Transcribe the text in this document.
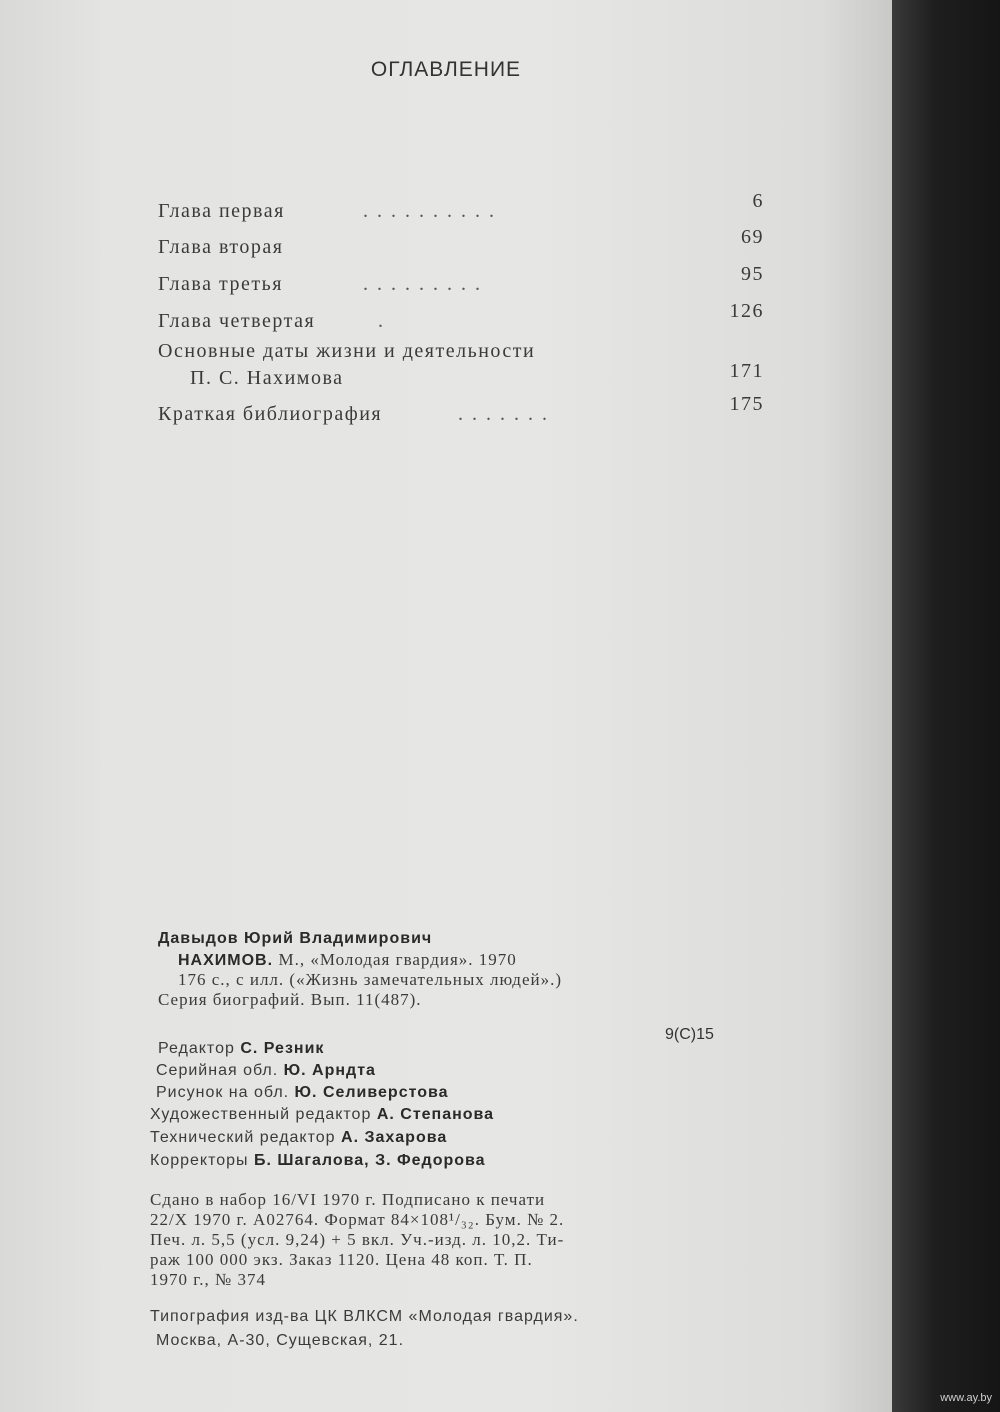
ОГЛАВЛЕНИЕ
Глава первая	..........	6
Глава вторая	69
Глава третья	.........	95
Глава четвертая	.	126
Основные даты жизни и деятельности
П. С. Нахимова	171
Краткая библиография	.......	175
Давыдов Юрий Владимирович
НАХИМОВ. М., «Молодая гвардия». 1970
176 с., с илл. («Жизнь замечательных людей».)
Серия биографий. Вып. 11(487).
Редактор С. Резник
Серийная обл. Ю. Арндта
Рисунок на обл. Ю. Селиверстова
Художественный редактор А. Степанова
Технический редактор А. Захарова
Корректоры Б. Шагалова, З. Федорова
Сдано в набор 16/VI 1970 г. Подписано к печати
22/X 1970 г. А02764. Формат 84×108¹/₃₂. Бум. № 2.
Печ. л. 5,5 (усл. 9,24) + 5 вкл. Уч.-изд. л. 10,2. Ти-
раж 100 000 экз. Заказ 1120. Цена 48 коп. Т. П.
1970 г., № 374
Типография изд-ва ЦК ВЛКСМ «Молодая гвардия».
Москва, А-30, Сущевская, 21.
9(С)15
www.ay.by
